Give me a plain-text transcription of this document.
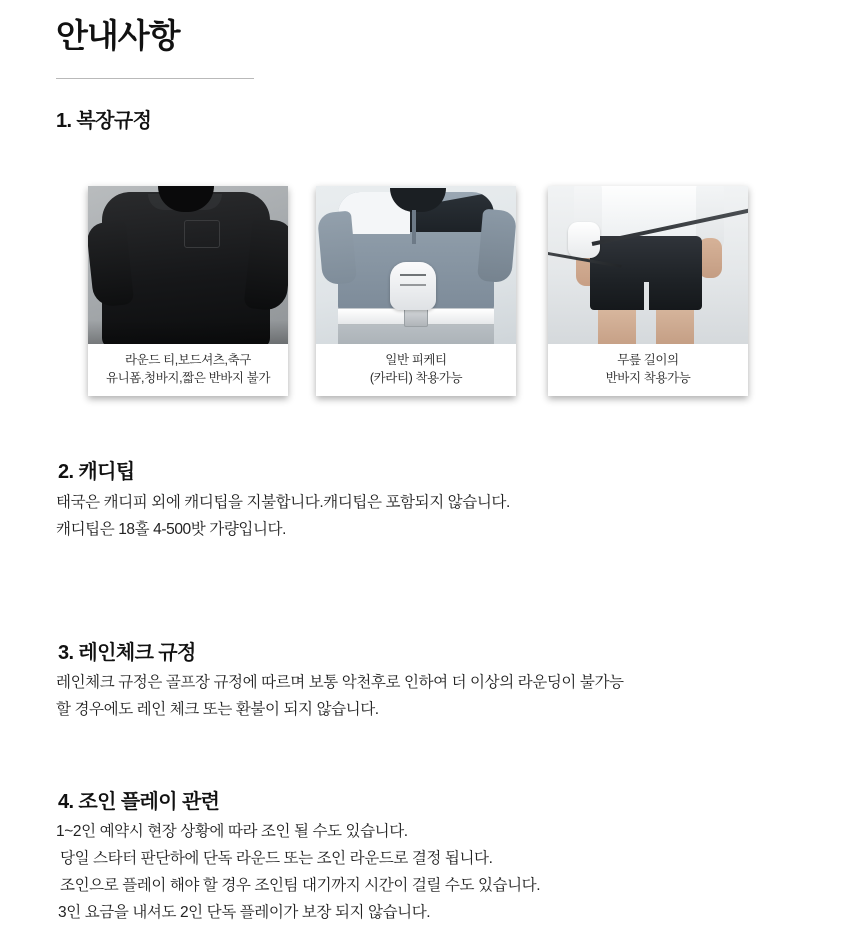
안내사항
1. 복장규정
라운드 티,보드셔츠,축구
유니폼,청바지,짧은 반바지 불가
일반 피케티
(카라티) 착용가능
무릎 길이의
반바지 착용가능
2. 캐디팁
태국은 캐디피 외에 캐디팁을 지불합니다.캐디팁은 포함되지 않습니다.
캐디팁은 18홀 4-500밧 가량입니다.
3. 레인체크 규정
레인체크 규정은 골프장 규정에 따르며 보통 악천후로 인하여 더 이상의 라운딩이 불가능
할 경우에도 레인 체크 또는 환불이 되지 않습니다.
4. 조인 플레이 관련
1~2인 예약시 현장 상황에 따라 조인 될 수도 있습니다.
당일 스타터 판단하에 단독 라운드 또는 조인 라운드로 결정 됩니다.
조인으로 플레이 해야 할 경우 조인팀 대기까지 시간이 걸릴 수도 있습니다.
3인 요금을 내셔도 2인 단독 플레이가 보장 되지 않습니다.
